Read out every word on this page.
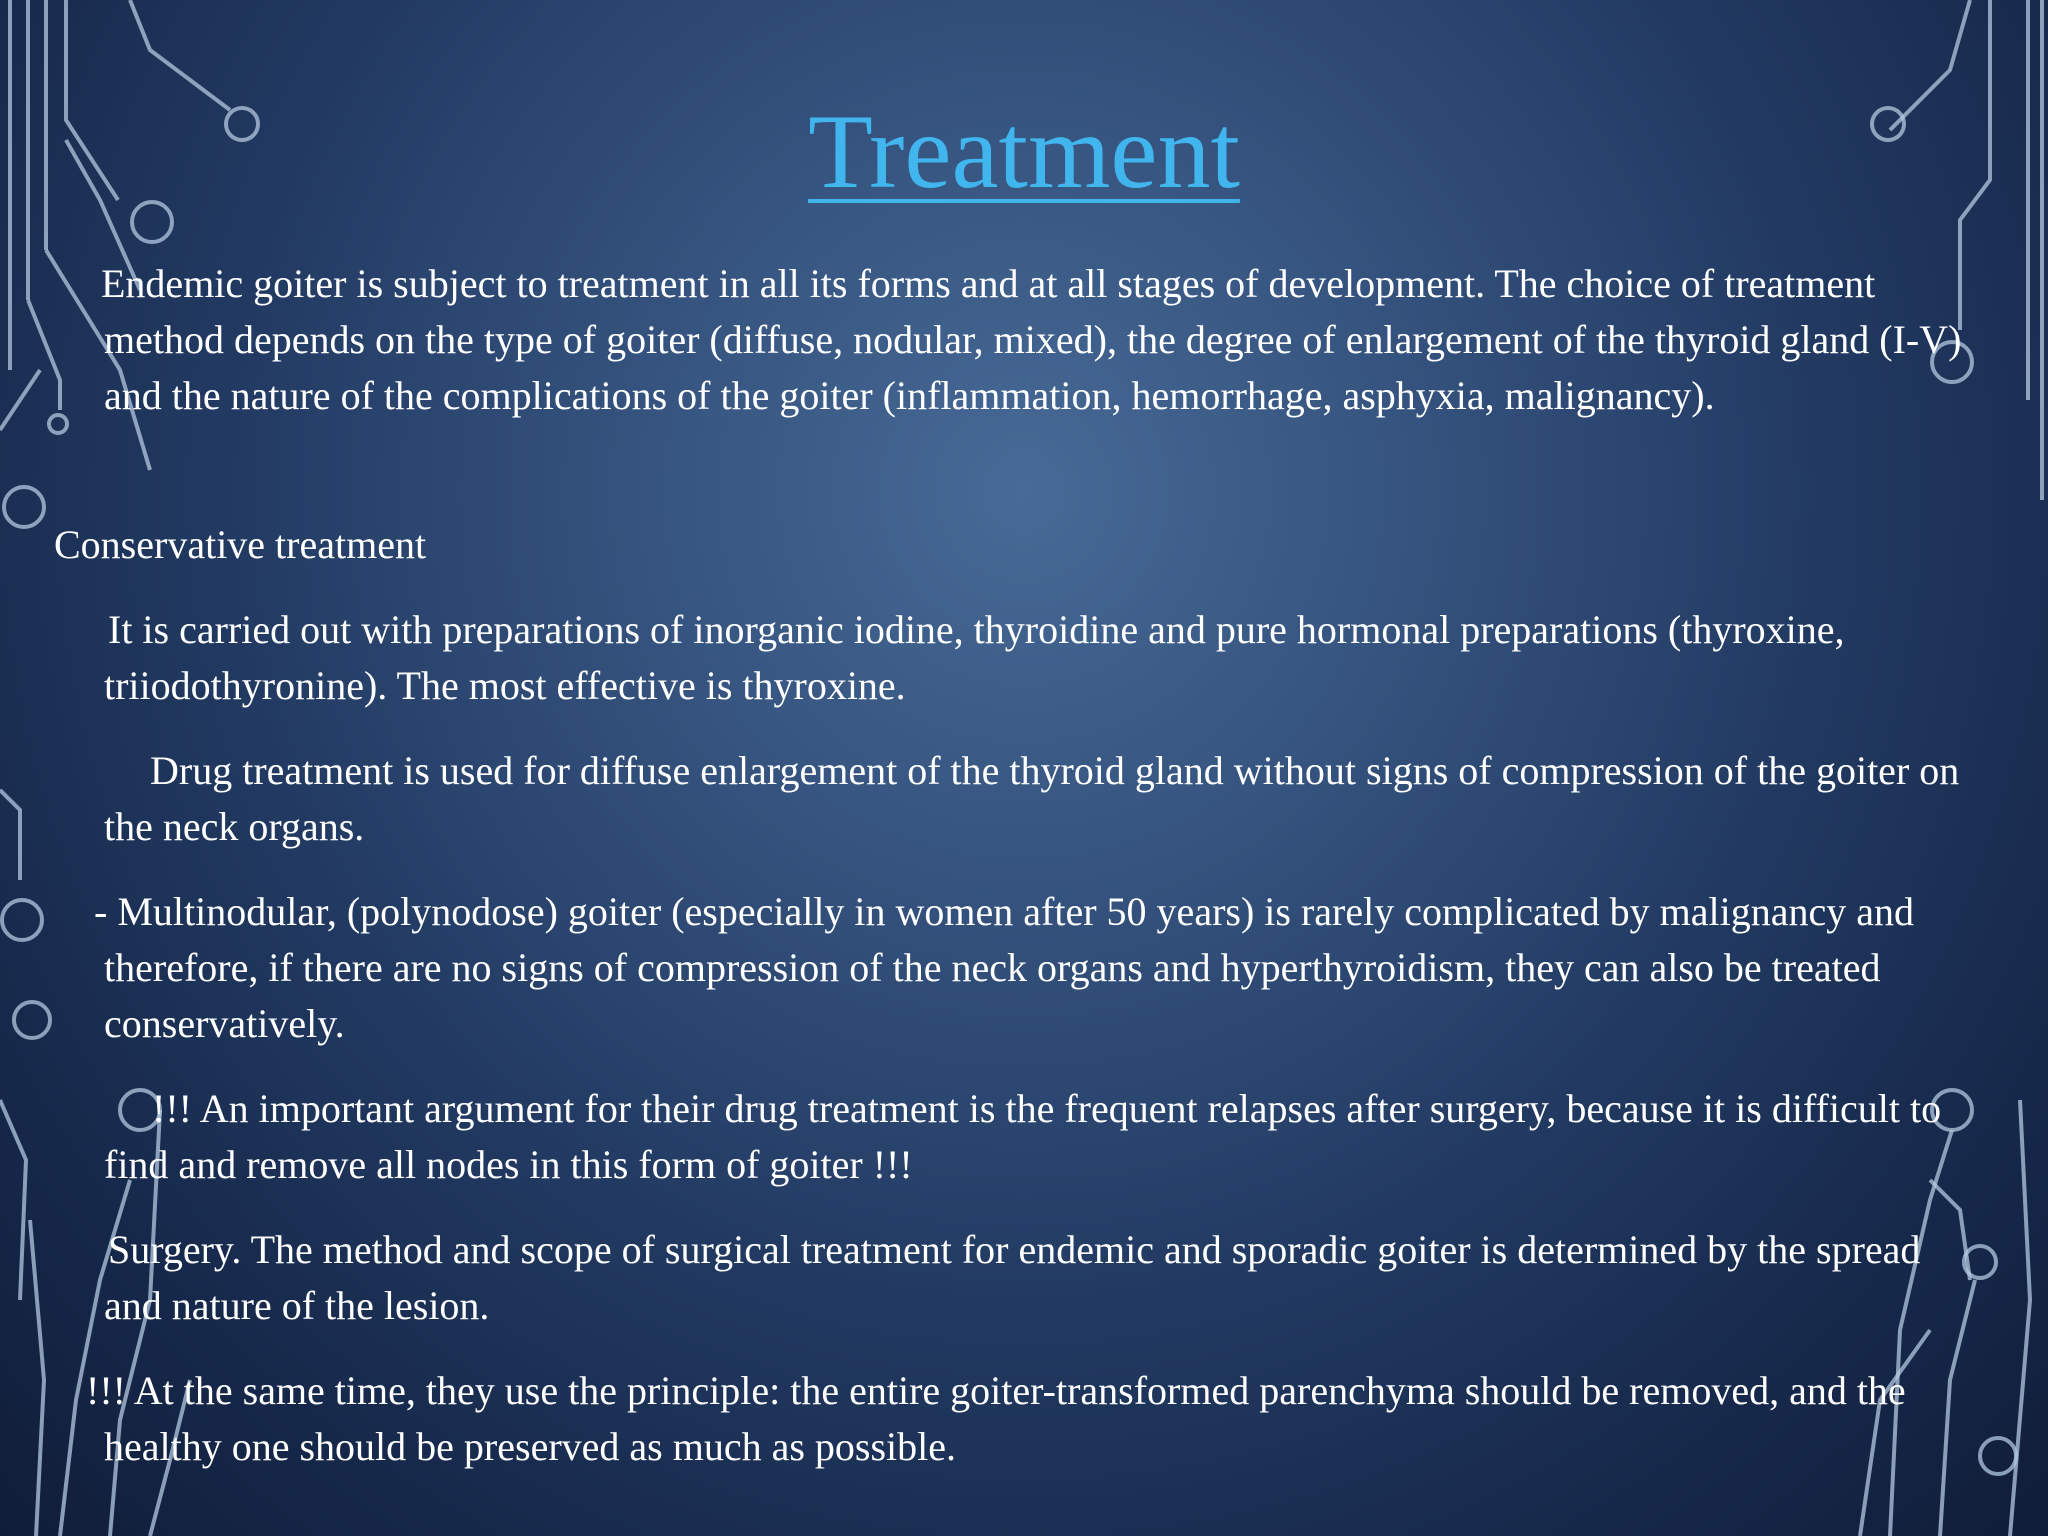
Treatment

Endemic goiter is subject to treatment in all its forms and at all stages of development. The choice of treatment method depends on the type of goiter (diffuse, nodular, mixed), the degree of enlargement of the thyroid gland (I-V) and the nature of the complications of the goiter (inflammation, hemorrhage, asphyxia, malignancy).

Conservative treatment

It is carried out with preparations of inorganic iodine, thyroidine and pure hormonal preparations (thyroxine, triiodothyronine). The most effective is thyroxine.

Drug treatment is used for diffuse enlargement of the thyroid gland without signs of compression of the goiter on the neck organs.

- Multinodular, (polynodose) goiter (especially in women after 50 years) is rarely complicated by malignancy and therefore, if there are no signs of compression of the neck organs and hyperthyroidism, they can also be treated conservatively.

!!! An important argument for their drug treatment is the frequent relapses after surgery, because it is difficult to find and remove all nodes in this form of goiter !!!

Surgery. The method and scope of surgical treatment for endemic and sporadic goiter is determined by the spread and nature of the lesion.

!!! At the same time, they use the principle: the entire goiter-transformed parenchyma should be removed, and the healthy one should be preserved as much as possible.
